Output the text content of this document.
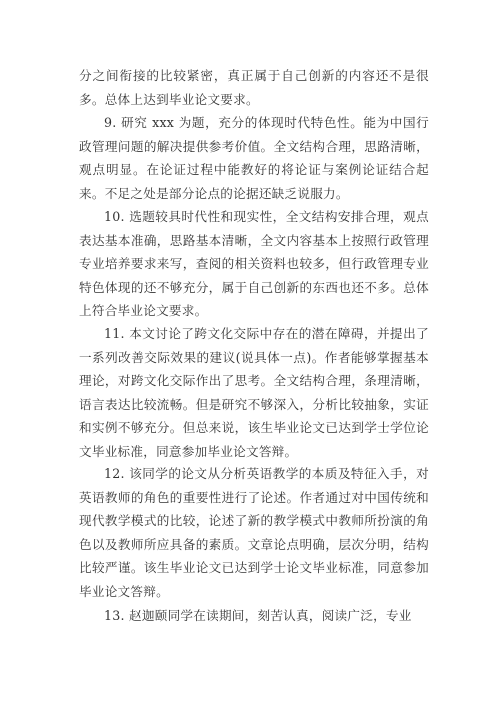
分之间衔接的比较紧密，真正属于自己创新的内容还不是很多。总体上达到毕业论文要求。

9. 研究 xxx 为题，充分的体现时代特色性。能为中国行政管理问题的解决提供参考价值。全文结构合理，思路清晰，观点明显。在论证过程中能教好的将论证与案例论证结合起来。不足之处是部分论点的论据还缺乏说服力。

10. 选题较具时代性和现实性，全文结构安排合理，观点表达基本准确，思路基本清晰，全文内容基本上按照行政管理专业培养要求来写，查阅的相关资料也较多，但行政管理专业特色体现的还不够充分，属于自己创新的东西也还不多。总体上符合毕业论文要求。

11. 本文讨论了跨文化交际中存在的潜在障碍，并提出了一系列改善交际效果的建议(说具体一点)。作者能够掌握基本理论，对跨文化交际作出了思考。全文结构合理，条理清晰，语言表达比较流畅。但是研究不够深入，分析比较抽象，实证和实例不够充分。但总来说，该生毕业论文已达到学士学位论文毕业标准，同意参加毕业论文答辩。

12. 该同学的论文从分析英语教学的本质及特征入手，对英语教师的角色的重要性进行了论述。作者通过对中国传统和现代教学模式的比较，论述了新的教学模式中教师所扮演的角色以及教师所应具备的素质。文章论点明确，层次分明，结构比较严谨。该生毕业论文已达到学士论文毕业标准，同意参加毕业论文答辩。

13. 赵迦颐同学在读期间，刻苦认真，阅读广泛，专业
